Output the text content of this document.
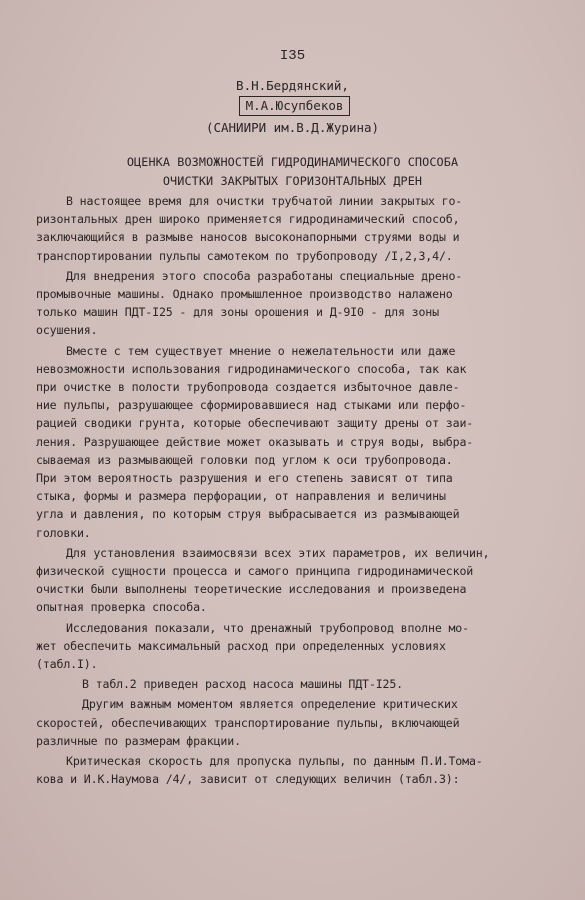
I35
В.Н.Бердянский,
М.А.Юсупбеков
(САНИИРИ им.В.Д.Журина)
ОЦЕНКА ВОЗМОЖНОСТЕЙ ГИДРОДИНАМИЧЕСКОГО СПОСОБА
ОЧИСТКИ ЗАКРЫТЫХ ГОРИЗОНТАЛЬНЫХ ДРЕН
В настоящее время для очистки трубчатой линии закрытых го-
ризонтальных дрен широко применяется гидродинамический способ,
заключающийся в размыве наносов высоконапорными струями воды и
транспортировании пульпы самотеком по трубопроводу /I,2,3,4/.
Для внедрения этого способа разработаны специальные дрено-
промывочные машины. Однако промышленное производство налажено
только машин ПДТ-I25 - для зоны орошения и Д-9I0 - для зоны
осушения.
Вместе с тем существует мнение о нежелательности или даже
невозможности использования гидродинамического способа, так как
при очистке в полости трубопровода создается избыточное давле-
ние пульпы, разрушающее сформировавшиеся над стыками или перфо-
рацией сводики грунта, которые обеспечивают защиту дрены от заи-
ления. Разрушающее действие может оказывать и струя воды, выбра-
сываемая из размывающей головки под углом к оси трубопровода.
При этом вероятность разрушения и его степень зависят от типа
стыка, формы и размера перфорации, от направления и величины
угла и давления, по которым струя выбрасывается из размывающей
головки.
Для установления взаимосвязи всех этих параметров, их величин,
физической сущности процесса и самого принципа гидродинамической
очистки были выполнены теоретические исследования и произведена
опытная проверка способа.
Исследования показали, что дренажный трубопровод вполне мо-
жет обеспечить максимальный расход при определенных условиях
(табл.I).
В табл.2 приведен расход насоса машины ПДТ-I25.
Другим важным моментом является определение критических
скоростей, обеспечивающих транспортирование пульпы, включающей
различные по размерам фракции.
Критическая скорость для пропуска пульпы, по данным П.И.Тома-
кова и И.К.Наумова /4/, зависит от следующих величин (табл.3):
